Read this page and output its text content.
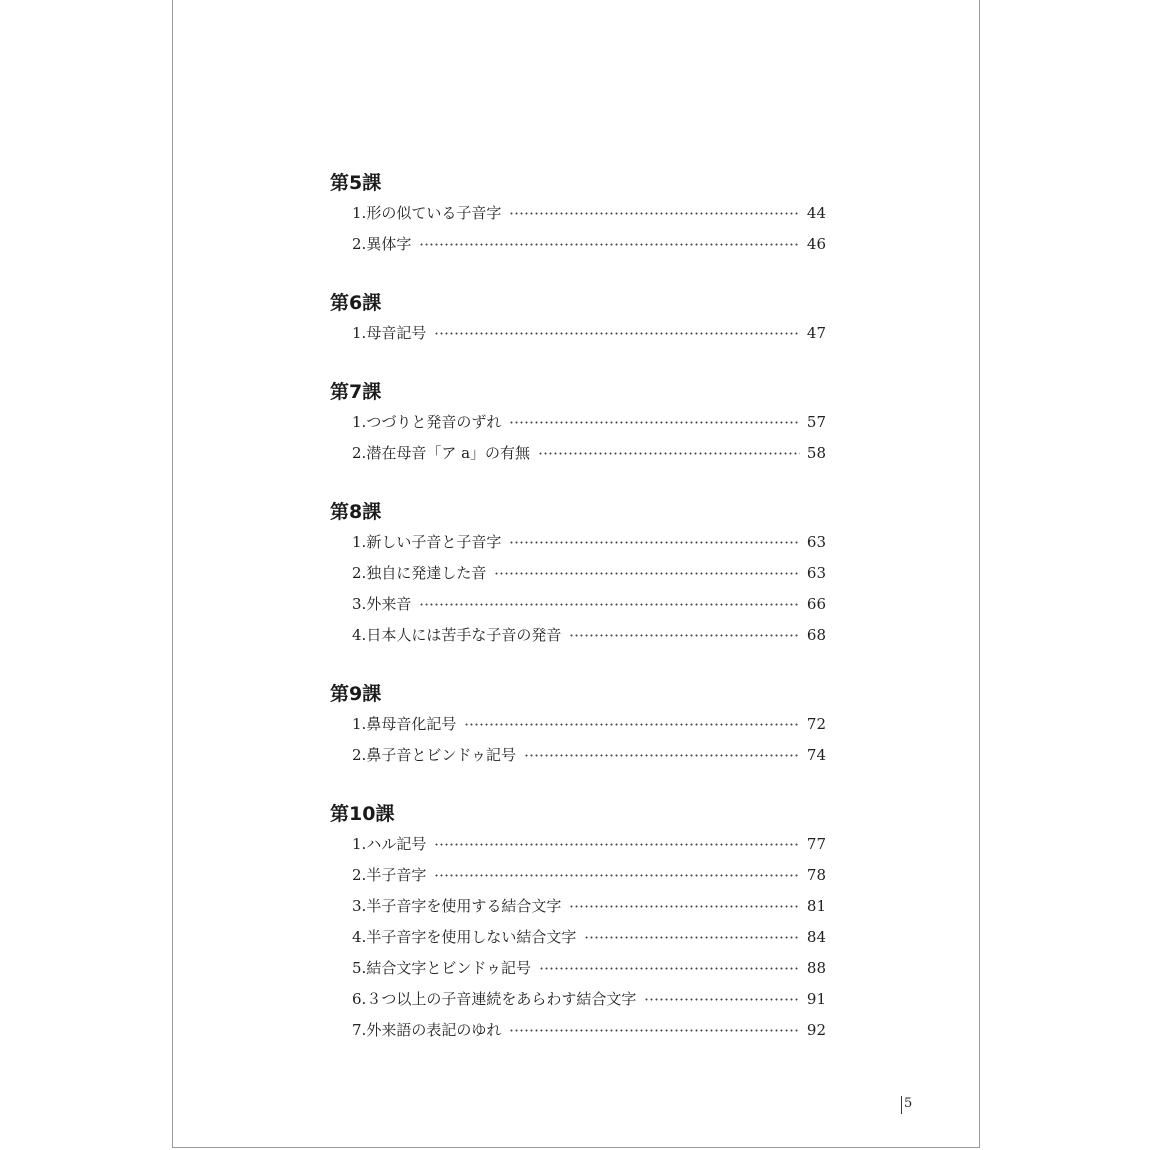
第5課
1. 形の似ている子音字	44
2. 異体字	46
第6課
1. 母音記号	47
第7課
1. つづりと発音のずれ	57
2. 潜在母音「ア a」の有無	58
第8課
1. 新しい子音と子音字	63
2. 独自に発達した音	63
3. 外来音	66
4. 日本人には苦手な子音の発音	68
第9課
1. 鼻母音化記号	72
2. 鼻子音とビンドゥ記号	74
第10課
1. ハル記号	77
2. 半子音字	78
3. 半子音字を使用する結合文字	81
4. 半子音字を使用しない結合文字	84
5. 結合文字とビンドゥ記号	88
6. ３つ以上の子音連続をあらわす結合文字	91
7. 外来語の表記のゆれ	92
5
